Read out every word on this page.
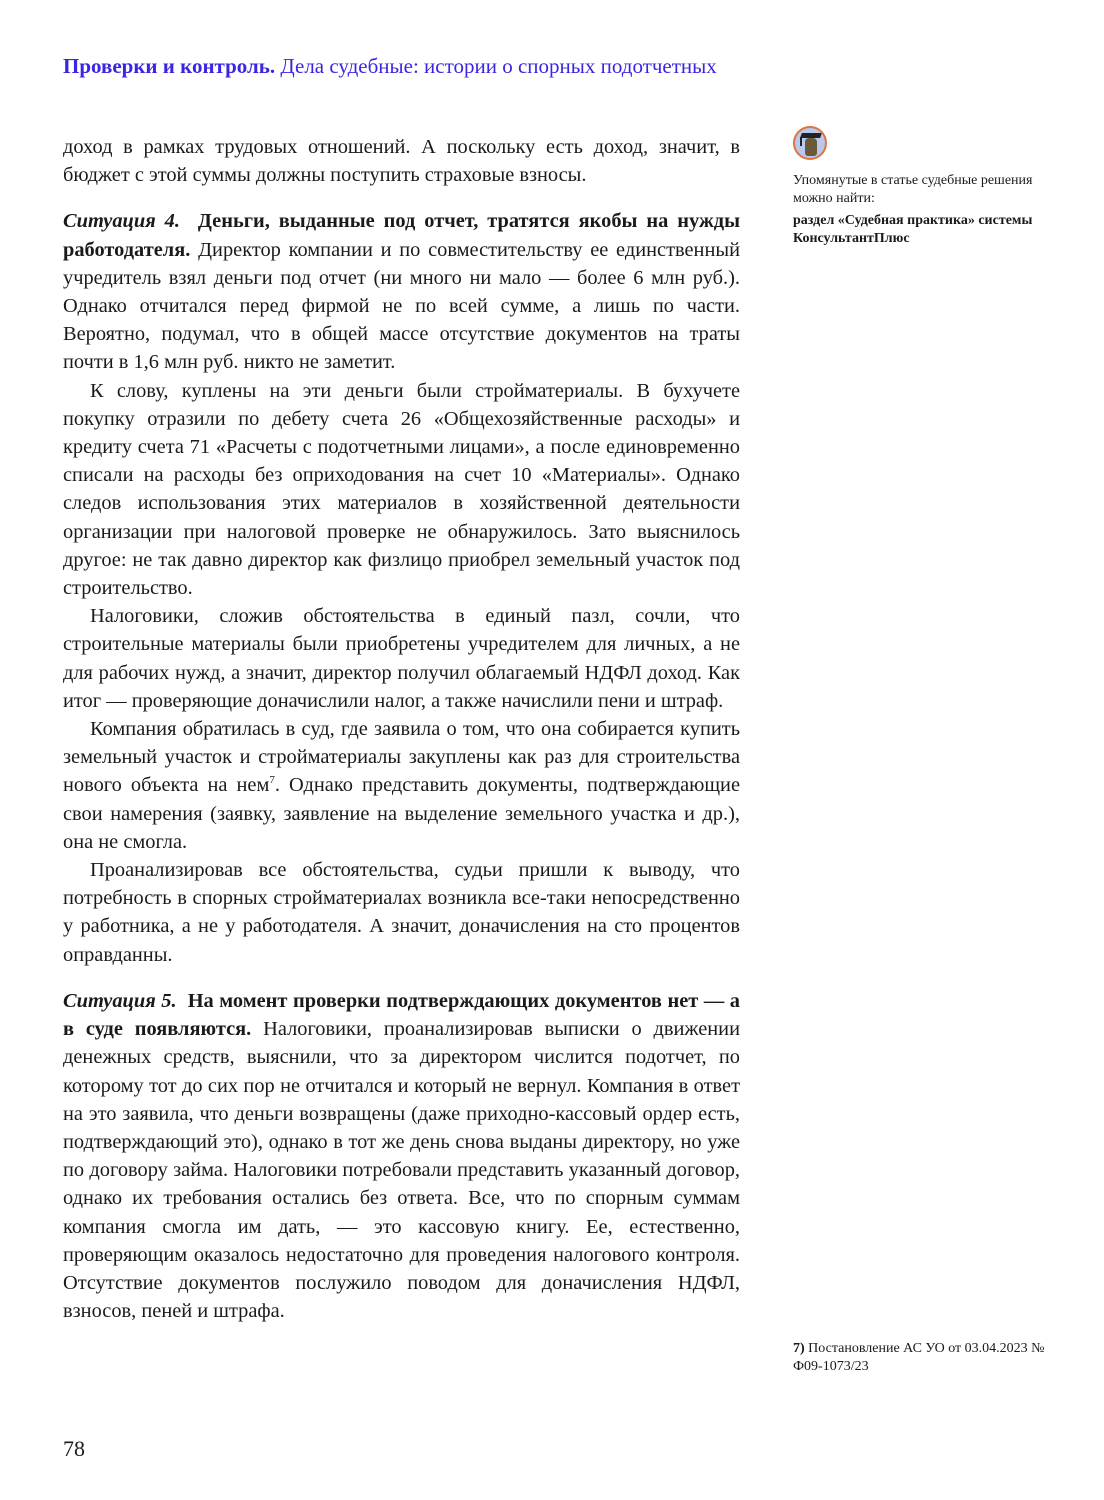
Проверки и контроль. Дела судебные: истории о спорных подотчетных

доход в рамках трудовых отношений. А поскольку есть доход, значит, в бюджет с этой суммы должны поступить страховые взносы.

Ситуация 4. Деньги, выданные под отчет, тратятся якобы на нужды работодателя. Директор компании и по совместительству ее единственный учредитель взял деньги под отчет (ни много ни мало — более 6 млн руб.). Однако отчитался перед фирмой не по всей сумме, а лишь по части. Вероятно, подумал, что в общей массе отсутствие документов на траты почти в 1,6 млн руб. никто не заметит.

К слову, куплены на эти деньги были стройматериалы. В бухучете покупку отразили по дебету счета 26 «Общехозяйственные расходы» и кредиту счета 71 «Расчеты с подотчетными лицами», а после единовременно списали на расходы без оприходования на счет 10 «Материалы». Однако следов использования этих материалов в хозяйственной деятельности организации при налоговой проверке не обнаружилось. Зато выяснилось другое: не так давно директор как физлицо приобрел земельный участок под строительство.

Налоговики, сложив обстоятельства в единый пазл, сочли, что строительные материалы были приобретены учредителем для личных, а не для рабочих нужд, а значит, директор получил облагаемый НДФЛ доход. Как итог — проверяющие доначислили налог, а также начислили пени и штраф.

Компания обратилась в суд, где заявила о том, что она собирается купить земельный участок и стройматериалы закуплены как раз для строительства нового объекта на нем$^7$. Однако представить документы, подтверждающие свои намерения (заявку, заявление на выделение земельного участка и др.), она не смогла.

Проанализировав все обстоятельства, судьи пришли к выводу, что потребность в спорных стройматериалах возникла все-таки непосредственно у работника, а не у работодателя. А значит, доначисления на сто процентов оправданны.

Ситуация 5. На момент проверки подтверждающих документов нет — а в суде появляются. Налоговики, проанализировав выписки о движении денежных средств, выяснили, что за директором числится подотчет, по которому тот до сих пор не отчитался и который не вернул. Компания в ответ на это заявила, что деньги возвращены (даже приходно-кассовый ордер есть, подтверждающий это), однако в тот же день снова выданы директору, но уже по договору займа. Налоговики потребовали представить указанный договор, однако их требования остались без ответа. Все, что по спорным суммам компания смогла им дать, — это кассовую книгу. Ее, естественно, проверяющим оказалось недостаточно для проведения налогового контроля. Отсутствие документов послужило поводом для доначисления НДФЛ, взносов, пеней и штрафа.

Упомянутые в статье судебные решения можно найти:

раздел «Судебная практика» системы КонсультантПлюс

7) Постановление АС УО от 03.04.2023 № Ф09-1073/23
78
